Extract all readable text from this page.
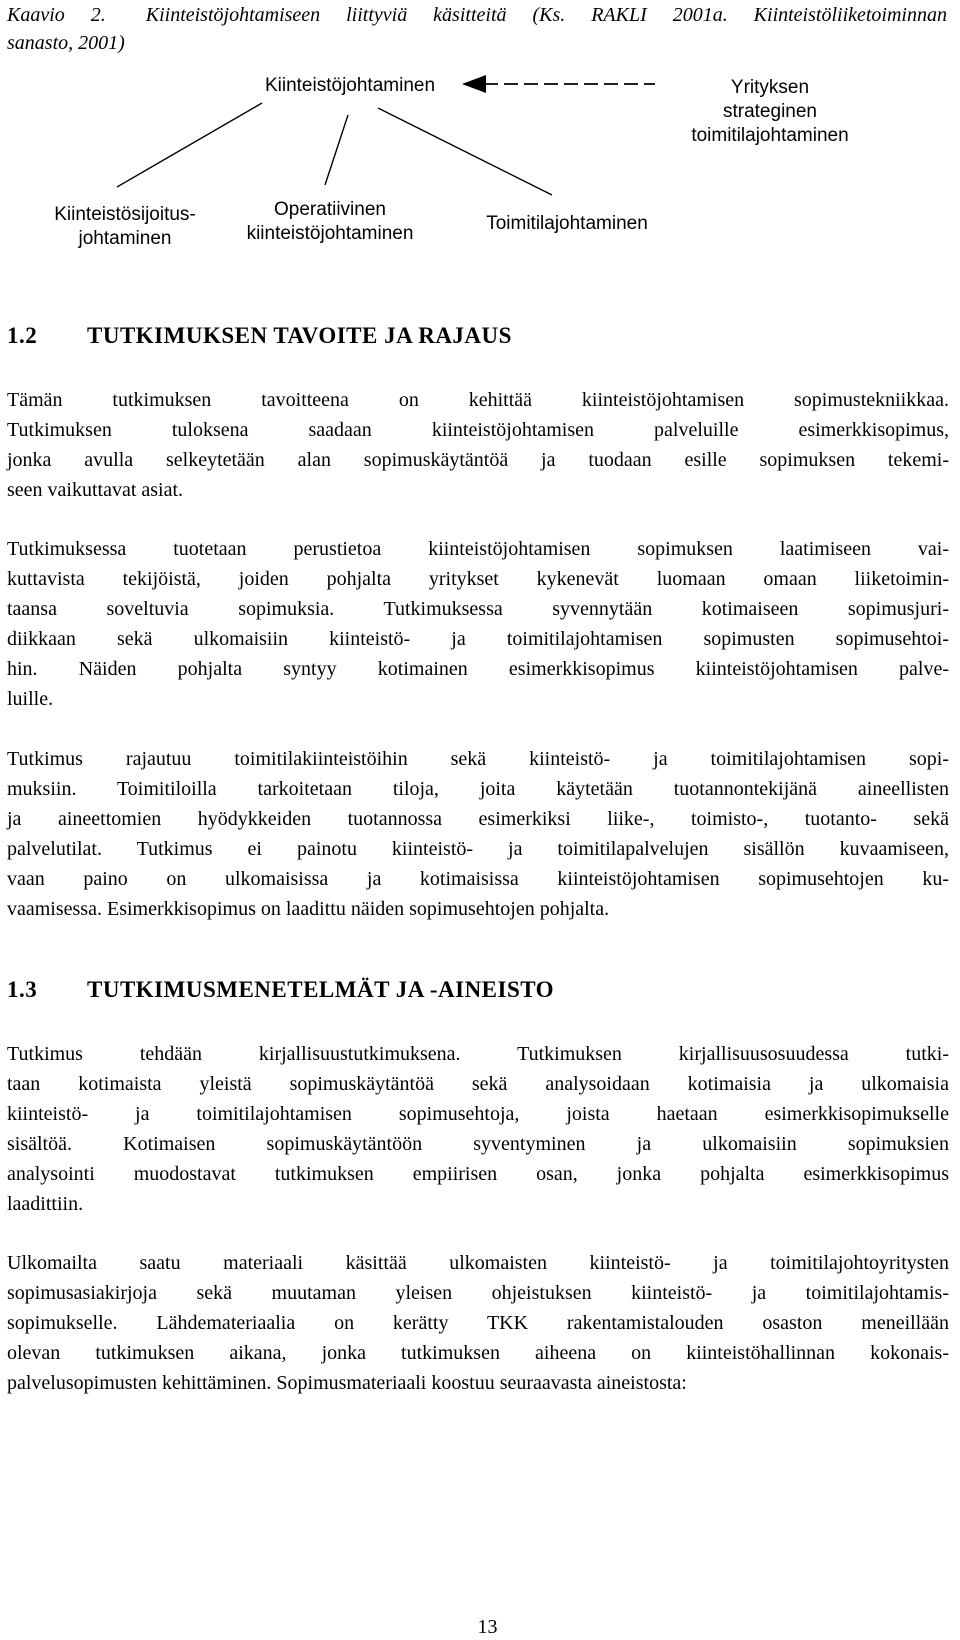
Kaavio 2. Kiinteistöjohtamiseen liittyviä käsitteitä (Ks. RAKLI 2001a. Kiinteistöliiketoiminnan
sanasto, 2001)
Kiinteistöjohtaminen	Yrityksen
strateginen
toimitilajohtaminen
Kiinteistösijoitus-
johtaminen
Operatiivinen
kiinteistöjohtaminen	Toimitilajohtaminen
1.2 TUTKIMUKSEN TAVOITE JA RAJAUS
Tämän tutkimuksen tavoitteena on kehittää kiinteistöjohtamisen sopimustekniikkaa.
Tutkimuksen tuloksena saadaan kiinteistöjohtamisen palveluille esimerkkisopimus,
jonka avulla selkeytetään alan sopimuskäytäntöä ja tuodaan esille sopimuksen tekemi-
seen vaikuttavat asiat.
Tutkimuksessa tuotetaan perustietoa kiinteistöjohtamisen sopimuksen laatimiseen vai-
kuttavista tekijöistä, joiden pohjalta yritykset kykenevät luomaan omaan liiketoimin-
taansa soveltuvia sopimuksia. Tutkimuksessa syvennytään kotimaiseen sopimusjuri-
diikkaan sekä ulkomaisiin kiinteistö- ja toimitilajohtamisen sopimusten sopimusehtoi-
hin. Näiden pohjalta syntyy kotimainen esimerkkisopimus kiinteistöjohtamisen palve-
luille.
Tutkimus rajautuu toimitilakiinteistöihin sekä kiinteistö- ja toimitilajohtamisen sopi-
muksiin. Toimitiloilla tarkoitetaan tiloja, joita käytetään tuotannontekijänä aineellisten
ja aineettomien hyödykkeiden tuotannossa esimerkiksi liike-, toimisto-, tuotanto- sekä
palvelutilat. Tutkimus ei painotu kiinteistö- ja toimitilapalvelujen sisällön kuvaamiseen,
vaan paino on ulkomaisissa ja kotimaisissa kiinteistöjohtamisen sopimusehtojen ku-
vaamisessa. Esimerkkisopimus on laadittu näiden sopimusehtojen pohjalta.
1.3 TUTKIMUSMENETELMÄT JA -AINEISTO
Tutkimus tehdään kirjallisuustutkimuksena. Tutkimuksen kirjallisuusosuudessa tutki-
taan kotimaista yleistä sopimuskäytäntöä sekä analysoidaan kotimaisia ja ulkomaisia
kiinteistö- ja toimitilajohtamisen sopimusehtoja, joista haetaan esimerkkisopimukselle
sisältöä. Kotimaisen sopimuskäytäntöön syventyminen ja ulkomaisiin sopimuksien
analysointi muodostavat tutkimuksen empiirisen osan, jonka pohjalta esimerkkisopimus
laadittiin.
Ulkomailta saatu materiaali käsittää ulkomaisten kiinteistö- ja toimitilajohtoyritysten
sopimusasiakirjoja sekä muutaman yleisen ohjeistuksen kiinteistö- ja toimitilajohtamis-
sopimukselle. Lähdemateriaalia on kerätty TKK rakentamistalouden osaston meneillään
olevan tutkimuksen aikana, jonka tutkimuksen aiheena on kiinteistöhallinnan kokonais-
palvelusopimusten kehittäminen. Sopimusmateriaali koostuu seuraavasta aineistosta:
13
